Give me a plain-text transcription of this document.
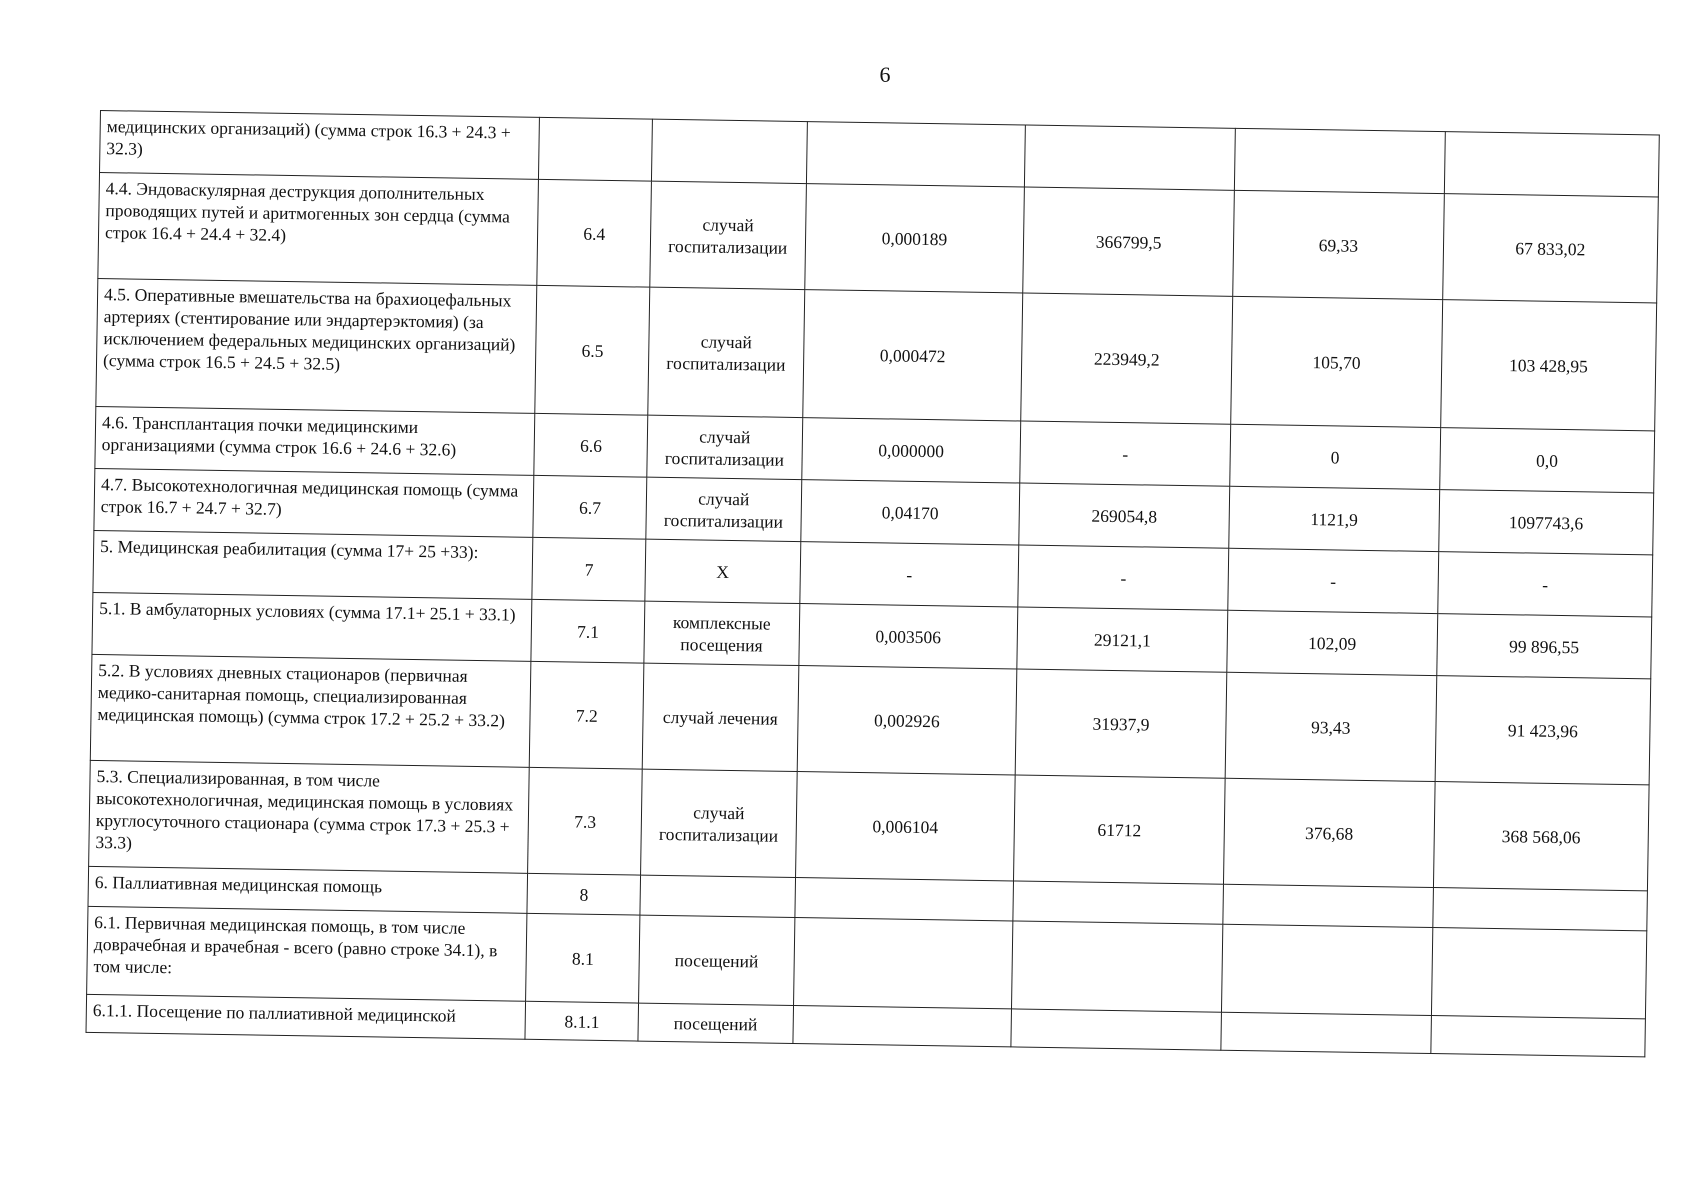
6
медицинских организаций) (сумма строк 16.3 + 24.3 + 32.3)						
4.4. Эндоваскулярная деструкция дополнительных проводящих путей и аритмогенных зон сердца (сумма строк 16.4 + 24.4 + 32.4)	6.4	случай госпитализации	0,000189	366799,5	69,33	67 833,02
4.5. Оперативные вмешательства на брахиоцефальных артериях (стентирование или эндартерэктомия) (за исключением федеральных медицинских организаций) (сумма строк 16.5 + 24.5 + 32.5)	6.5	случай госпитализации	0,000472	223949,2	105,70	103 428,95
4.6. Трансплантация почки медицинскими организациями (сумма строк 16.6 + 24.6 + 32.6)	6.6	случай госпитализации	0,000000	-	0	0,0
4.7. Высокотехнологичная медицинская помощь (сумма строк 16.7 + 24.7 + 32.7)	6.7	случай госпитализации	0,04170	269054,8	1121,9	1097743,6
5. Медицинская реабилитация (сумма 17+ 25 +33):	7	Х	-	-	-	-
5.1. В амбулаторных условиях (сумма 17.1+ 25.1 + 33.1)	7.1	комплексные посещения	0,003506	29121,1	102,09	99 896,55
5.2. В условиях дневных стационаров (первичная медико-санитарная помощь, специализированная медицинская помощь) (сумма строк 17.2 + 25.2 + 33.2)	7.2	случай лечения	0,002926	31937,9	93,43	91 423,96
5.3. Специализированная, в том числе высокотехнологичная, медицинская помощь в условиях круглосуточного стационара (сумма строк 17.3 + 25.3 + 33.3)	7.3	случай госпитализации	0,006104	61712	376,68	368 568,06
6. Паллиативная медицинская помощь	8					
6.1. Первичная медицинская помощь, в том числе доврачебная и врачебная - всего (равно строке 34.1), в том числе:	8.1	посещений				
6.1.1. Посещение по паллиативной медицинской	8.1.1	посещений				
